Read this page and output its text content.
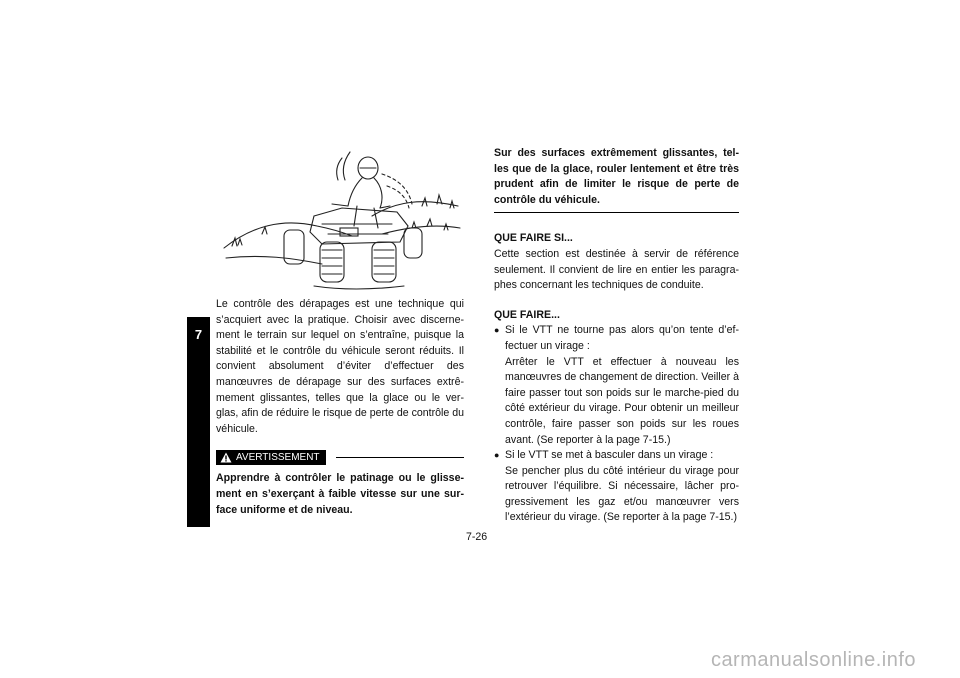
7

Le contrôle des dérapages est une technique qui s’acquiert avec la pratique. Choisir avec discerne-ment le terrain sur lequel on s’entraîne, puisque la stabilité et le contrôle du véhicule seront réduits. Il convient absolument d’éviter d’effectuer des manœuvres de dérapage sur des surfaces extrê-mement glissantes, telles que la glace ou le ver-glas, afin de réduire le risque de perte de contrôle du véhicule.

AVERTISSEMENT

Apprendre à contrôler le patinage ou le glisse-ment en s’exerçant à faible vitesse sur une sur-face uniforme et de niveau.

Sur des surfaces extrêmement glissantes, tel-les que de la glace, rouler lentement et être très prudent afin de limiter le risque de perte de contrôle du véhicule.

QUE FAIRE SI...

Cette section est destinée à servir de référence seulement. Il convient de lire en entier les paragra-phes concernant les techniques de conduite.

QUE FAIRE...

● Si le VTT ne tourne pas alors qu’on tente d’ef-fectuer un virage :

Arrêter le VTT et effectuer à nouveau les manœuvres de changement de direction. Veiller à faire passer tout son poids sur le marche-pied du côté extérieur du virage. Pour obtenir un meilleur contrôle, faire passer son poids sur les roues avant. (Se reporter à la page 7-15.)

● Si le VTT se met à basculer dans un virage :

Se pencher plus du côté intérieur du virage pour retrouver l’équilibre. Si nécessaire, lâcher pro-gressivement les gaz et/ou manœuvrer vers l’extérieur du virage. (Se reporter à la page 7-15.)

7-26
carmanualsonline.info
